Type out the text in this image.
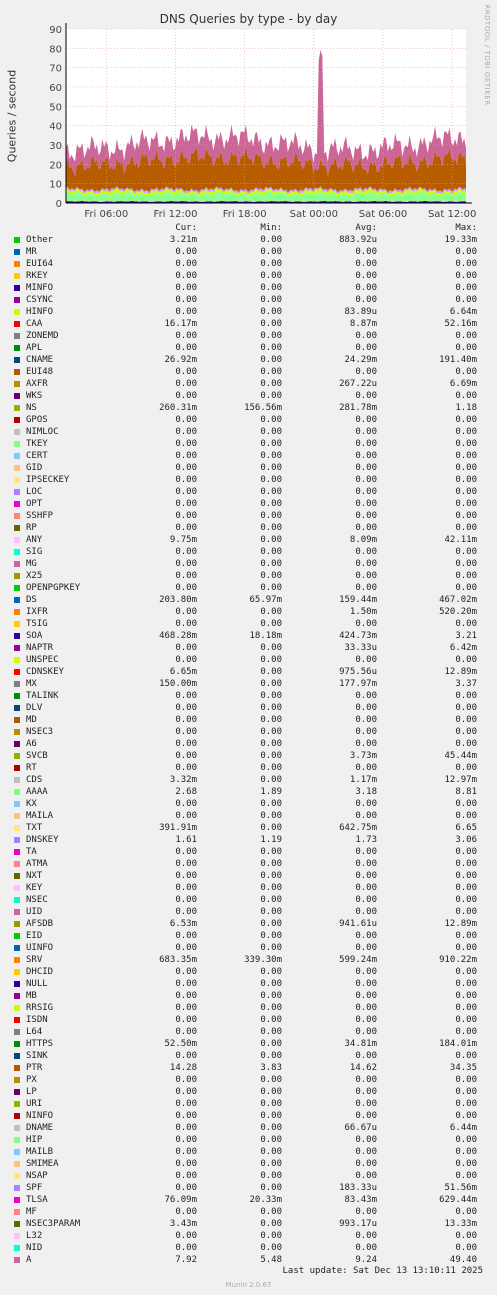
DNS Queries by type - by day
Queries / second
RRDTOOL / TOBI OETIKER
0
10
20
30
40
50
60
70
80
90
Fri 06:00	Fri 12:00	Fri 18:00 Sat 00:00 Sat 06:00 Sat 12:00
Cur:	Min:	Avg:	Max:
Other	3.21m	0.00	883.92u	19.33m
MR	0.00	0.00	0.00	0.00
EUI64	0.00	0.00	0.00	0.00
RKEY	0.00	0.00	0.00	0.00
MINFO	0.00	0.00	0.00	0.00
CSYNC	0.00	0.00	0.00	0.00
HINFO	0.00	0.00	83.89u	6.64m
CAA	16.17m	0.00	8.87m	52.16m
ZONEMD	0.00	0.00	0.00	0.00
APL	0.00	0.00	0.00	0.00
CNAME	26.92m	0.00	24.29m	191.40m
EUI48	0.00	0.00	0.00	0.00
AXFR	0.00	0.00	267.22u	6.69m
WKS	0.00	0.00	0.00	0.00
NS	260.31m	156.56m	281.78m	1.18
GPOS	0.00	0.00	0.00	0.00
NIMLOC	0.00	0.00	0.00	0.00
TKEY	0.00	0.00	0.00	0.00
CERT	0.00	0.00	0.00	0.00
GID	0.00	0.00	0.00	0.00
IPSECKEY	0.00	0.00	0.00	0.00
LOC	0.00	0.00	0.00	0.00
OPT	0.00	0.00	0.00	0.00
SSHFP	0.00	0.00	0.00	0.00
RP	0.00	0.00	0.00	0.00
ANY	9.75m	0.00	8.09m	42.11m
SIG	0.00	0.00	0.00	0.00
MG	0.00	0.00	0.00	0.00
X25	0.00	0.00	0.00	0.00
OPENPGPKEY	0.00	0.00	0.00	0.00
DS	203.80m	65.97m	159.44m	467.02m
IXFR	0.00	0.00	1.50m	520.20m
TSIG	0.00	0.00	0.00	0.00
SOA	468.28m	18.18m	424.73m	3.21
NAPTR	0.00	0.00	33.33u	6.42m
UNSPEC	0.00	0.00	0.00	0.00
CDNSKEY	6.65m	0.00	975.56u	12.89m
MX	150.00m	0.00	177.97m	3.37
TALINK	0.00	0.00	0.00	0.00
DLV	0.00	0.00	0.00	0.00
MD	0.00	0.00	0.00	0.00
NSEC3	0.00	0.00	0.00	0.00
A6	0.00	0.00	0.00	0.00
SVCB	0.00	0.00	3.73m	45.44m
RT	0.00	0.00	0.00	0.00
CDS	3.32m	0.00	1.17m	12.97m
AAAA	2.68	1.89	3.18	8.81
KX	0.00	0.00	0.00	0.00
MAILA	0.00	0.00	0.00	0.00
TXT	391.91m	0.00	642.75m	6.65
DNSKEY	1.61	1.19	1.73	3.06
TA	0.00	0.00	0.00	0.00
ATMA	0.00	0.00	0.00	0.00
NXT	0.00	0.00	0.00	0.00
KEY	0.00	0.00	0.00	0.00
NSEC	0.00	0.00	0.00	0.00
UID	0.00	0.00	0.00	0.00
AFSDB	6.53m	0.00	941.61u	12.89m
EID	0.00	0.00	0.00	0.00
UINFO	0.00	0.00	0.00	0.00
SRV	683.35m	339.30m	599.24m	910.22m
DHCID	0.00	0.00	0.00	0.00
NULL	0.00	0.00	0.00	0.00
MB	0.00	0.00	0.00	0.00
RRSIG	0.00	0.00	0.00	0.00
ISDN	0.00	0.00	0.00	0.00
L64	0.00	0.00	0.00	0.00
HTTPS	52.50m	0.00	34.81m	184.01m
SINK	0.00	0.00	0.00	0.00
PTR	14.28	3.83	14.62	34.35
PX	0.00	0.00	0.00	0.00
LP	0.00	0.00	0.00	0.00
URI	0.00	0.00	0.00	0.00
NINFO	0.00	0.00	0.00	0.00
DNAME	0.00	0.00	66.67u	6.44m
HIP	0.00	0.00	0.00	0.00
MAILB	0.00	0.00	0.00	0.00
SMIMEA	0.00	0.00	0.00	0.00
NSAP	0.00	0.00	0.00	0.00
SPF	0.00	0.00	183.33u	51.56m
TLSA	76.09m	20.33m	83.43m	629.44m
MF	0.00	0.00	0.00	0.00
NSEC3PARAM	3.43m	0.00	993.17u	13.33m
L32	0.00	0.00	0.00	0.00
NID	0.00	0.00	0.00	0.00
A	7.92	5.48	9.24	49.40
Last update: Sat Dec 13 13:10:11 2025
Munin 2.0.67
